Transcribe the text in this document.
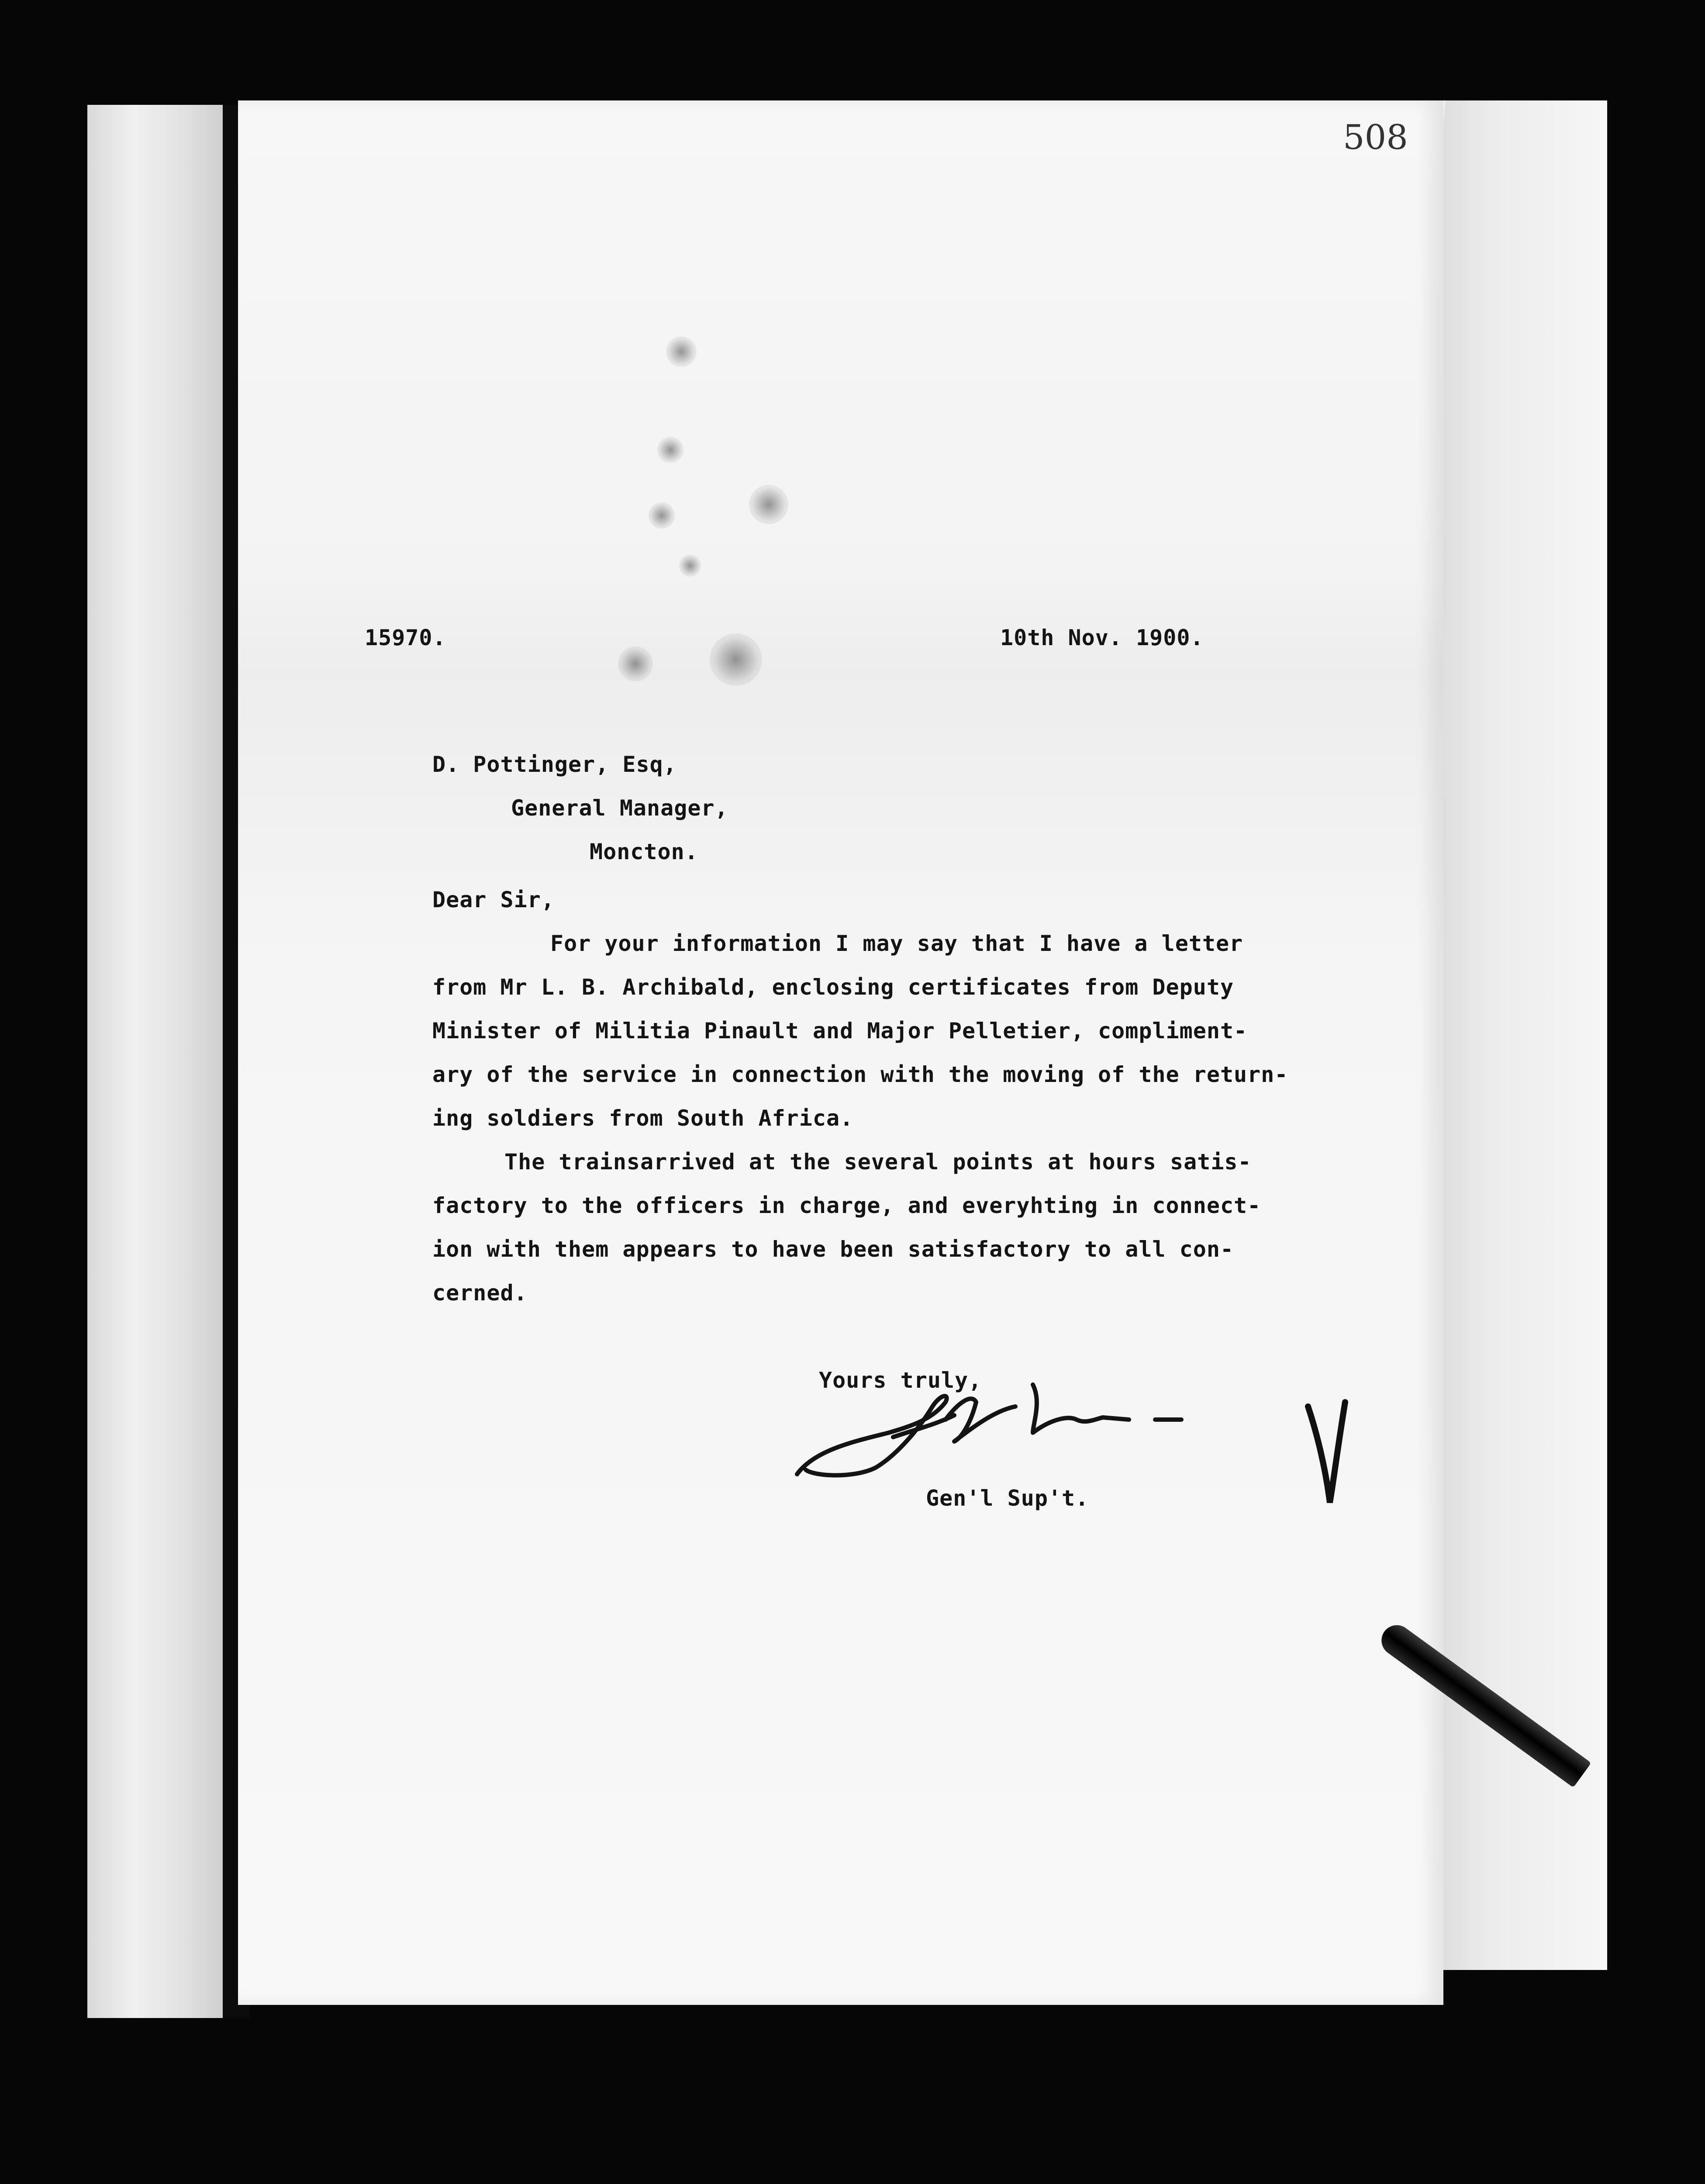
15970.	10th Nov. 1900.
D. Pottinger, Esq,
General Manager,
Moncton.
Dear Sir,
For your information I may say that I have a letter
from Mr L. B. Archibald, enclosing certificates from Deputy
Minister of Militia Pinault and Major Pelletier, compliment-
ary of the service in connection with the moving of the return-
ing soldiers from South Africa.
The trainsarrived at the several points at hours satis-
factory to the officers in charge, and everyhting in connect-
ion with them appears to have been satisfactory to all con-
cerned.
Yours truly,
Gen'l Sup't.
508
